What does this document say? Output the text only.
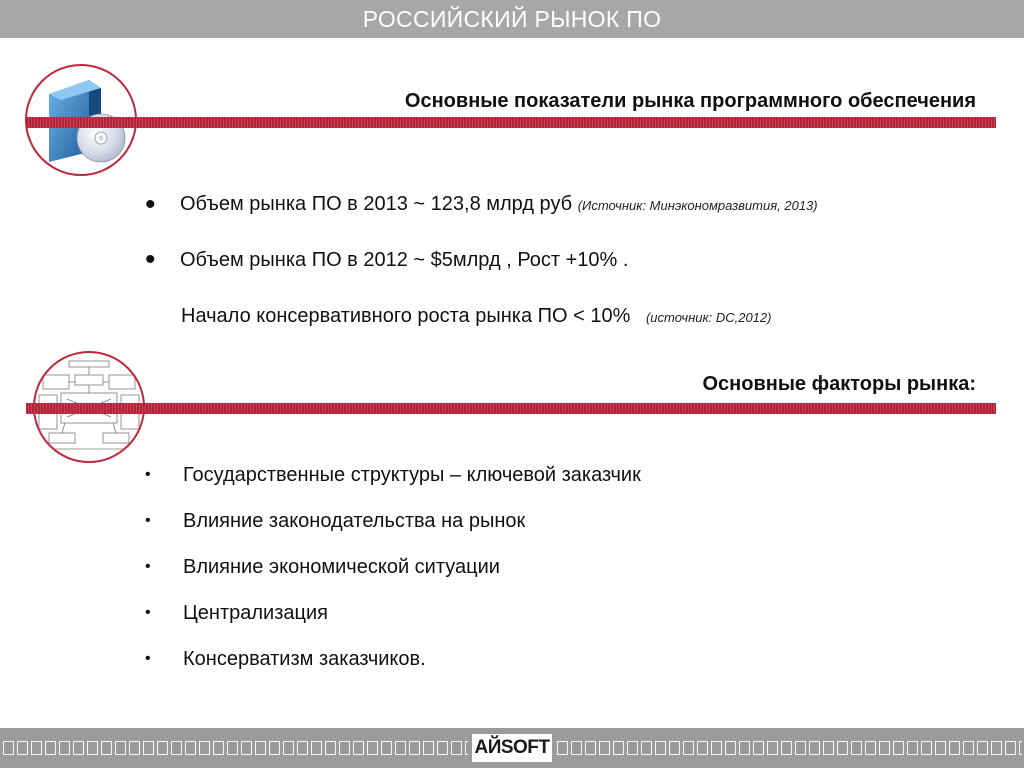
РОССИЙСКИЙ РЫНОК ПО
Основные показатели рынка программного обеспечения
• Объем рынка ПО в 2013 ~ 123,8 млрд руб (Источник: Минэкономразвития, 2013)
• Объем рынка ПО в 2012 ~ $5млрд , Рост +10% .
Начало консервативного роста рынка ПО < 10% (источник: DC,2012)
Основные факторы рынка:
•	Государственные структуры – ключевой заказчик
•	Влияние законодательства на рынок
•	Влияние экономической ситуации
•	Централизация
•	Консерватизм заказчиков.
АЙSOFT
